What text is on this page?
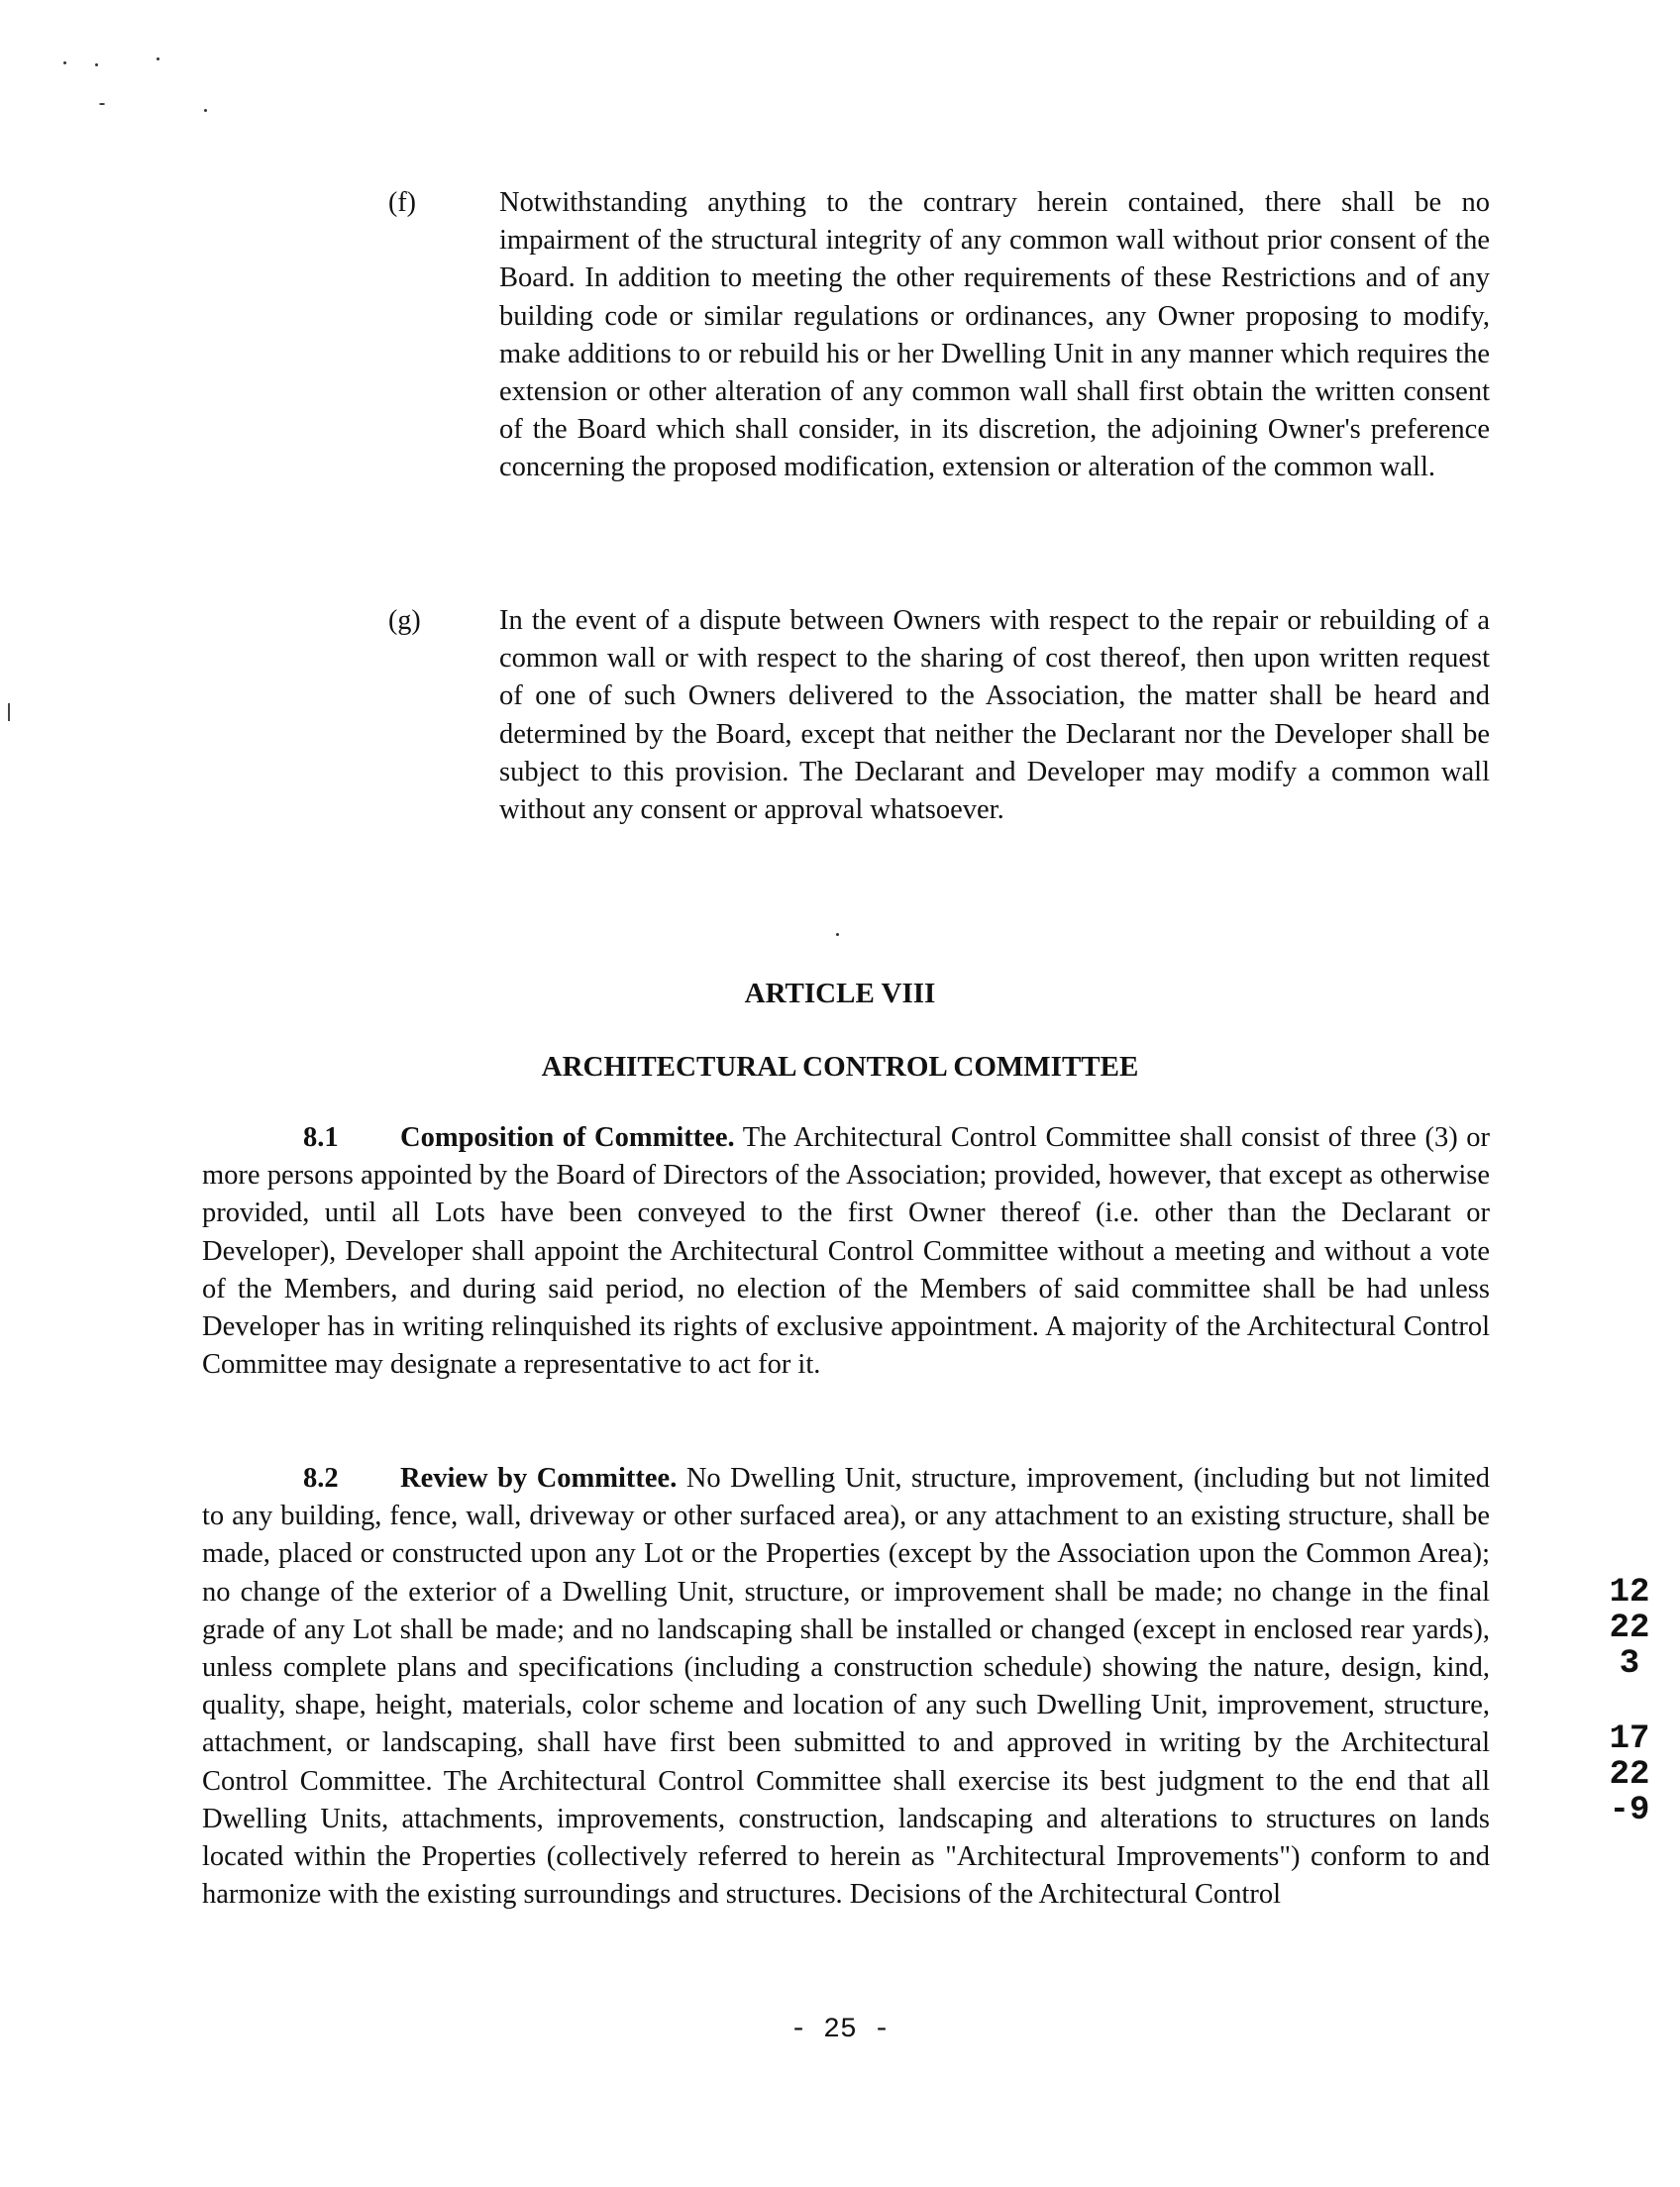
(f)	Notwithstanding anything to the contrary herein contained, there shall be no impairment of the structural integrity of any common wall without prior consent of the Board. In addition to meeting the other requirements of these Restrictions and of any building code or similar regulations or ordinances, any Owner proposing to modify, make additions to or rebuild his or her Dwelling Unit in any manner which requires the extension or other alteration of any common wall shall first obtain the written consent of the Board which shall consider, in its discretion, the adjoining Owner's preference concerning the proposed modification, extension or alteration of the common wall.
(g)	In the event of a dispute between Owners with respect to the repair or rebuilding of a common wall or with respect to the sharing of cost thereof, then upon written request of one of such Owners delivered to the Association, the matter shall be heard and determined by the Board, except that neither the Declarant nor the Developer shall be subject to this provision. The Declarant and Developer may modify a common wall without any consent or approval whatsoever.
ARTICLE VIII
ARCHITECTURAL CONTROL COMMITTEE
8.1 Composition of Committee. The Architectural Control Committee shall consist of three (3) or more persons appointed by the Board of Directors of the Association; provided, however, that except as otherwise provided, until all Lots have been conveyed to the first Owner thereof (i.e. other than the Declarant or Developer), Developer shall appoint the Architectural Control Committee without a meeting and without a vote of the Members, and during said period, no election of the Members of said committee shall be had unless Developer has in writing relinquished its rights of exclusive appointment. A majority of the Architectural Control Committee may designate a representative to act for it.
8.2 Review by Committee. No Dwelling Unit, structure, improvement, (including but not limited to any building, fence, wall, driveway or other surfaced area), or any attachment to an existing structure, shall be made, placed or constructed upon any Lot or the Properties (except by the Association upon the Common Area); no change of the exterior of a Dwelling Unit, structure, or improvement shall be made; no change in the final grade of any Lot shall be made; and no landscaping shall be installed or changed (except in enclosed rear yards), unless complete plans and specifications (including a construction schedule) showing the nature, design, kind, quality, shape, height, materials, color scheme and location of any such Dwelling Unit, improvement, structure, attachment, or landscaping, shall have first been submitted to and approved in writing by the Architectural Control Committee. The Architectural Control Committee shall exercise its best judgment to the end that all Dwelling Units, attachments, improvements, construction, landscaping and alterations to structures on lands located within the Properties (collectively referred to herein as "Architectural Improvements") conform to and harmonize with the existing surroundings and structures. Decisions of the Architectural Control
12223
1722-9
- 25 -
